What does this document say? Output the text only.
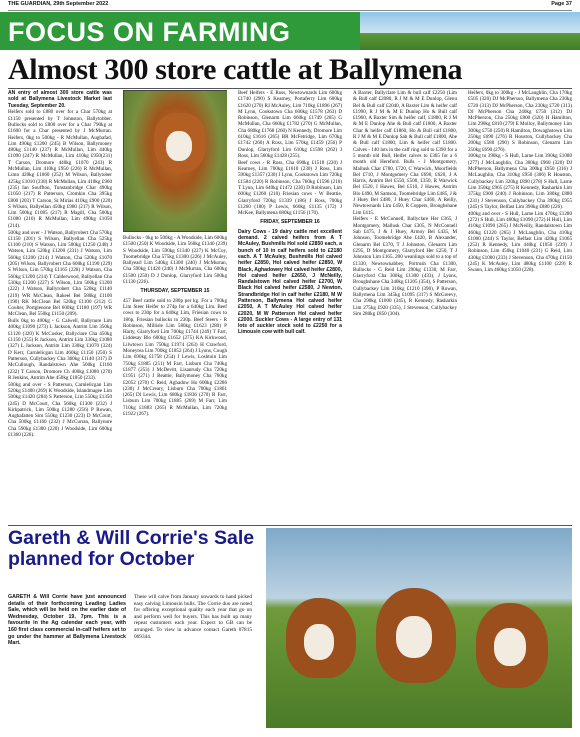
THE GUARDIAN, 29th September 2022	Page 37
FOCUS ON FARMING
Almost 300 store cattle at Ballymena

AN entry of almost 300 store cattle was sold at Ballymena Livestock Market last Tuesday, September 20.

Heifers sold to £880 over for a Char 570kg at £1150 presented by T Johnston, Ballytobber. Bullocks sold to £800 over for a Char 790kg at £1600 for a Char presented by J McMurran. Heifers, 0kg to 500kg - R McMullan, Aughafad, Lim 490kg £1200 (245) B Wilson, Ballymoney 480kg £1140 (237) R McMullan, Lim 440kg £1090 (247) R McMullan, Lim 410kg £950(231) T Carson, Dromore 440kg £1070 (243) R McMullan, Lim 410kg £950 (226) R McMullan, Limn 420kg £1060 (252) M Wilson, Ballytober 425kg £1010 (238) R McMullan, Lim 410kg £960 (235) Ian Souffton, Tunstanbridge Char 490kg £1050 (217) R Patterson, Cromkin Cha 395kg £800 (203) T Carson, St Mirias 410kg £900 (220) S Wilson, Ballyellan 450kg £980 (217) R Wilson, Lim 500kg £1085 (217) R Magill, Cha 500kg £1080 (216) R McMullan, Lim 490kg £1050 (214).

500kg and over - J Watson, Ballyrobert Cha 570kg £1150 (201) S Wilson, Ballyellan Cha 525kg £1100 (210) S Watson, Lim 500kg £1250 (248) J Watson, Lim 520kg £1200 (231) J Watson, Lim 560kg £1200 (214) J Watson, Cha 520kg £1070 (205) Wilson, Ballyrobert Cha 600kg £1190 (229) S Wilson, Lim 570kg £1165 (228) J Watson, Cha 560kg £1200 (214) T Calderwood, Ballyellan Cha 530kg £1200 (227) S Wilson, Lim 560kg £1200 (222) J Watson, Ballyrobert Cha 520kg £1140 (219) WR McClean, Rakeel Bel 580kg £1100 (190) RK McClean Bel 520kg £1100 (212) G Coulter, Portglenone Bel 600kg £1180 (197) WR McClean, Bel 550kg £1150 (209).

Bulls 0kg to 400kg - G Calwell, Ballynure Lim 400kg £1090 (273) L Jackson, Antrim Lim 350kg £1120 (320) K McCosker, Ballyclare Cha 450kg £1150 (255) R Jackson, Antrim Lim 330kg £1080 (327) L Jackson, Antrim Lim 330kg £1070 (324) D Kerr, Carnlelicgan Lim 460kg £1150 (250) S Patterson, Cullybackey Cha 360kg £1140 (317) D McCullough, Randalstown Ahe 500kg £1160 (232) T Carson, Dromore Ch 400kg £1080 (270) R Jenkins, Antrim Ahe 450kg £1050 (233).

500kg and over - S Patterson, Carnlelicgan Lim 520kg £1400 (269) K Woodside, Islandmagee Lim 500kg £1420 (284) S Patterson, Lim 550kg £1350 (245) D McCourt, Cha 560kg £1300 (232) J Kirkpatrick, Lim 500kg £1280 (256) P Rowan, Aughafatten Sim 550kg £1230 (223) D McCourt, Cha 500kg £1160 (232) J McCurran, Ballynure Cha 590kg £1300 (220) J Woodside, Lim 600kg £1360 (226).

Bullocks - 0kg to 500kg - A Woodside, Lim 600kg £1500 (250) K Woodside, Lim 560kg £1340 (239) S Woodside, Lim 590kg £1340 (227) K McCoy, Toomebridge Cha 575kg £1300 (226) J McAuley, Ballyearl Lim 540kg £1300 (240) J McMurran, Cha 590kg £1420 (240) J McMurran, Cha 600kg £1500 (250) D J Dunlop, Glarryford Lim 500kg £1130 (226).

THURSDAY, SEPTEMBER 15

457 Beef cattle sold to 280p per kg. For a 700kg Lim Steer Heifer to 274p for a 640kg Lim. Beef cows to 230p for a 640kg Lim, Friesian cows to 186p, Friesian bullocks to 230p. Beef Steers - R Robinson, Millisle Lim 580kg £1623 (280) P Harty, Glarryford Lim 700kg £1744 (249) T Farr, Liddesay Blo 600kg £1652 (275) KA Kirkwood, Lilwtown Lim 750kg £1974 (263) H Crawford, Moneyrea Lim 700kg £1852 (264) J Lyons, Cough Lim 690kg £1758 (254) J Lewis, Loshtoin Lim 750kg £1885 (251) M Farr, Lisburn Cha 740kg £1877 (253) J McDevitt, Lisanrudy Cha 720kg £1951 (271) J Beattie, Ballymoney Cha 760kg £2052 (270) C Reid, Aghadow Ho 600kg £2286 (230) J McCreary, Lisburn Cha 700kg £1861 (265) Dl Lewis, Lim 680kg £1836 (270) R Farr, Lisburn Lim 700kg £1885 (269) M Farr, Lim 710kg £1883 (265) R McMullan, Lim 720kg £1922 (267).

Beef Heifers - E Ross, Newtownards Lim 600kg £1740 (290) S Kearney, Portaferry Lim 600kg £1620 (270) RJ McAuley, Lim 710kg £1896 (267) M Lynn, Cookstown Cha 600kg £1578 (263) D Robinson, Glenarm Lim 660kg £1749 (265) G McMullan, Cha 660kg £1782 (270) G McMullan, Cha 680kg £1768 (260) N Kennedy, Dromore Lim 610kg £1616 (265) BR McFetridge, Lim 670kg £1742 (260) A Ross, Lim 570kg £1459 (256) P Dunlop, Glarryford Lim 610kg £1598 (262) J Ross, Lim 560kg £1428 (255).

Beef cows - R Ross, Cha 690kg £1518 (220) J Kearney, Lim 700kg £1610 (230) J Ross, Lim 590kg £1357 (230) J Lynn, Cookstown Lim 720kg £1584 (220) R Robinson, Cha 760kg £1596 (210) T Lynn, Lim 640kg £1472 (230) D Robinson, Lim 600kg £1260 (210) Friesian cows - W Beattie, Glarryford 720kg £1339 (186) J Ross, 700kg £1260 (180) P Lewis, 660kg £1135 (172) J McKee, Ballymena 680kg £1156 (170).

FRIDAY, SEPTEMBER 16

Dairy Cows - 19 dairy cattle met excellent demand. 2 calved heifers from A T McAuley, Bushmills Hol sold £2850 each, a bunch of 10 in calf heifers sold to £2180 each. A T McAuley, Bushmills Hol calved heifer £2850, Hol calved heifer £2850, W Black, Aghadowey Hol calved heifer £2800, Hol calved heifer £2650, J McNeilly, Randalstown Hol calved heifer £2700, W Black Hol calved heifer £2580, J Newton, Strandbridge Hol in calf heifer £2180, M W Patterson, Ballymena Hol calved heifer £2050, A T McAuley Hol calved heifer £2020, M W Patterson Hol calved heifer £2000. Suckler Cows - A large entry of 131 lots of suckler stock sold to £2250 for a Limousin cow with bull calf.

A Baxter, Ballyclare Lim & bull calf £2250 (Lim & Bull calf £2080, R J M & M E Dunlop, Glenu Bel & Bull calf £2040, A Baxter Lim & heifer calf £1990, R J M & M E Dunlop Ho & Bull calf £1960, A Baxter Sim & heifer calf, £1880, R J M & M E Dunlop Ahe & Bull calf £1800, A Baxter Char & heifer calf £1860, Ho & Bull calf £1800, R J M & M E Dunlop Sab & Bull calf £1800, Ahe & Bull calf £1800, Lim & heifer calf £1800. Calves - 140 lots in the calf ring sold to £390 for a 5 month old Bull, Heifer calves to £365 for a 6 month old Hereford. Bulls - J Montgomery, Mallusk Char £780, £720, C Warwick, Moorfields Bel £710, J Montgomery Cha £690, £620, J A Harris, Antrim Bel £550, £500, £350, R Warwick Bel £520, I Hawes, Bel £510, J Hawes, Antrim Blo £490, M Samson, Toomebridge Lim £485, J & J Huey Bel £480, J Huey Char £460, A Reilly, Newtownards Lim £450, R Coppers, Broughshane Lim £415.

Heifers - E McConnell, Ballyclare Her £365, J Montgomery, Mallusk Char £305, N McConnell Sab £475, J & J Huey, Armoy Bel £435, M Johnson, Toomebridge Ahe £420, B Alexander, Glenarm Bel £370, T J Johnston, Glenarm Lim £295, D Montgomery, Glarryford Her £250, T J Johnston Lim £165. 200 weanlings sold to a top of £1330, Newtownabbey, Portrush Cha £1300, Bullocks - G Reid Lim 290kg £1330, M Farr, Glarryford Cha 300kg £1300 (433), J Lyons, Broughshane Cha 340kg £1205 (354), S Patterson, Cullybackey Lim 310kg £1210 (390), P Rowan, Ballymena Lim 345kg £1095 (317) S McGreevy, Cha 290kg £1000 (345), R Kennedy, Rasharkin Lim 275kg £920 (335), J Stevenson, Cullybackey Sim 280kg £850 (304).

Heifers, 0kg to 300kg - J McLaughlin, Cha 170kg £505 (320) DJ McPherson, Ballymena Cha 230kg £720 (313) DJ McPherson, Cha 230kg £720 (313) DJ McPherson Cha 240kg £750 (312) DJ McPherson, Cha 250kg £800 (320) H Hamilton, Lim 290kg £810 (279) E Molloy, Ballymoney Lim 300kg £750 (250) R Hamilton, Dowaghstown Lim 250kg £690 (276) R Houston, Cullybackey Cha 200kg £580 (290) S Robinson, Glenarm Lim 250kg £690 (276).

300kg to 390kg - S Hull, Larne Lim 390kg £1080 (277) J McLaughlin, Cha 300kg £960 (320) DJ McPherson, Ballymena Cha 300kg £950 (316) J McLaughlin, Cha 310kg £950 (306) R Houston, Cullybackey Lim 320kg £890 (278) S Hull, Larne Lim 350kg £965 (275) R Kennedy, Rasharkin Lim 375kg £900 (240) J Robinson, Lim 380kg £880 (231) J Stevenson, Cullybackey Cha 390kg £955 (245) S Taylor, Belfast Lim 390kg £880 (226).

400kg and over - S Hull, Larne Lim 470kg £1280 (272) S Hull, Lim 400kg £1090 (272) H Hull, Lim 410kg £1090 (265) J McNeilly, Randalstown Lim 460kg £1220 (265) J McLaughlin, Cha 410kg £1000 (244) S Taylor, Belfast Lim 420kg £1065 (253) R Kennedy, Lim 440kg £1050 (239) J Robinson, Lim 450kg £1040 (231) G Reid, Lim 430kg £1000 (233) J Stevenson, Cha 470kg £1150 (245) K McAuley, Lim 480kg £1100 (229) R Swann, Lim 460kg £1050 (228).

Gareth & Will Corrie's Sale planned for October

GARETH & Will Corrie have just announced details of their forthcoming Leading Ladies Sale, which will be held on the earlier date of Wednesday, October 19, 7pm. This is a favourite in the Ag calendar each year, with 160 first class commercial in-calf heifers set to go under the hammer at Ballymena Livestock Mart.

These will calve from January onwards to hand picked easy calving Limousin bulls. The Corrie duo are noted for offering exceptional quality each year that go on and perform well for buyers. This has built up many repeat customers each year. Expect to GB can be arranged. To view in advance contact Gareth 07815 069344.
